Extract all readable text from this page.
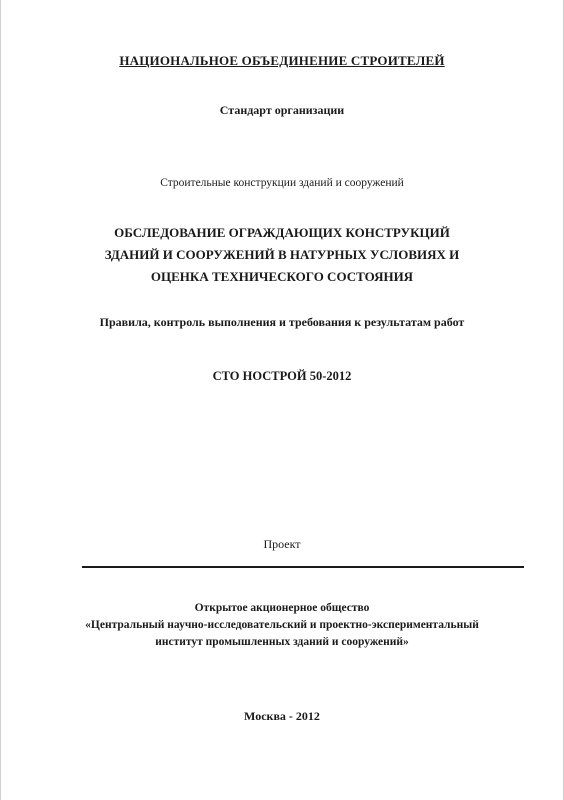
НАЦИОНАЛЬНОЕ ОБЪЕДИНЕНИЕ СТРОИТЕЛЕЙ
Стандарт организации
Строительные конструкции зданий и сооружений
ОБСЛЕДОВАНИЕ ОГРАЖДАЮЩИХ КОНСТРУКЦИЙ ЗДАНИЙ И СООРУЖЕНИЙ В НАТУРНЫХ УСЛОВИЯХ И ОЦЕНКА ТЕХНИЧЕСКОГО СОСТОЯНИЯ
Правила, контроль выполнения и требования к результатам работ
СТО НОСТРОЙ 50-2012
Проект
Открытое акционерное общество
«Центральный научно-исследовательский и проектно-экспериментальный институт промышленных зданий и сооружений»
Москва - 2012
